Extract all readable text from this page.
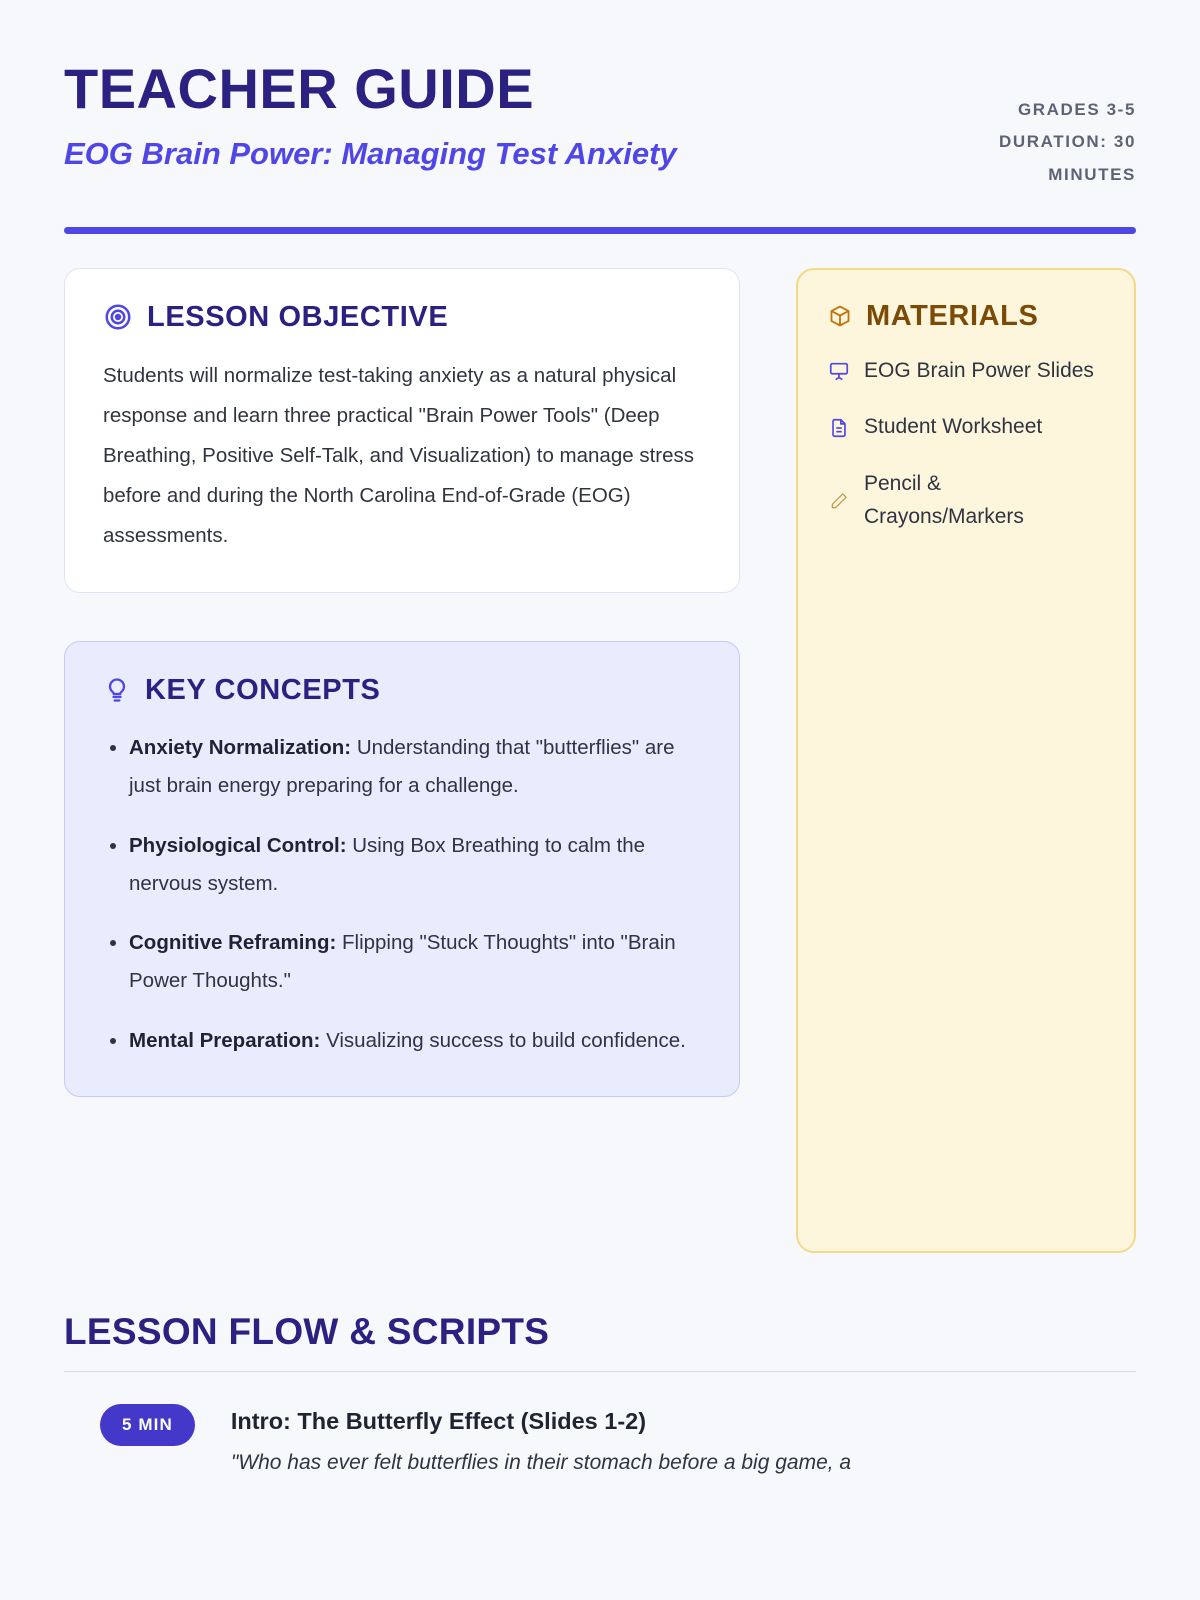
TEACHER GUIDE
EOG Brain Power: Managing Test Anxiety
GRADES 3-5
DURATION: 30 MINUTES
LESSON OBJECTIVE

Students will normalize test-taking anxiety as a natural physical response and learn three practical "Brain Power Tools" (Deep Breathing, Positive Self-Talk, and Visualization) to manage stress before and during the North Carolina End-of-Grade (EOG) assessments.

KEY CONCEPTS
• Anxiety Normalization: Understanding that "butterflies" are just brain energy preparing for a challenge.
• Physiological Control: Using Box Breathing to calm the nervous system.
• Cognitive Reframing: Flipping "Stuck Thoughts" into "Brain Power Thoughts."
• Mental Preparation: Visualizing success to build confidence.
MATERIALS
EOG Brain Power Slides
Student Worksheet
Pencil & Crayons/Markers
LESSON FLOW & SCRIPTS
5 MIN	Intro: The Butterfly Effect (Slides 1-2)

"Who has ever felt butterflies in their stomach before a big game, a
